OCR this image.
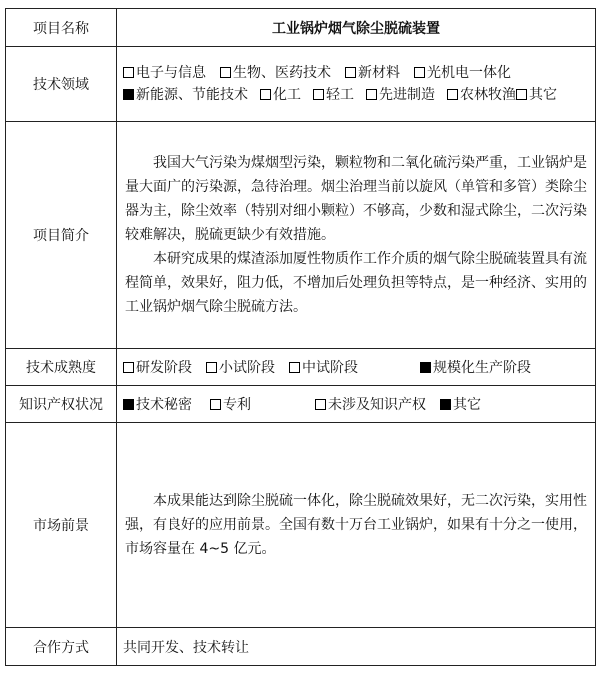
项目名称	工业锅炉烟气除尘脱硫装置
技术领域	电子与信息 生物、医药技术 新材料 光机电一体化新能源、节能技术 化工 轻工 先进制造 农林牧渔 其它

项目简介	我国大气污染为煤烟型污染，颗粒物和二氧化硫污染严重，工业锅炉是量大面广的污染源，急待治理。烟尘治理当前以旋风（单管和多管）类除尘器为主，除尘效率（特别对细小颗粒）不够高，少数和湿式除尘，二次污染较难解决，脱硫更缺少有效措施。

本研究成果的煤渣添加厦性物质作工作介质的烟气除尘脱硫装置具有流程简单，效果好，阻力低，不增加后处理负担等特点，是一种经济、实用的工业锅炉烟气除尘脱硫方法。

技术成熟度	研发阶段 小试阶段 中试阶段 规模化生产阶段

知识产权状况	技术秘密 专利 未涉及知识产权 其它

市场前景	本成果能达到除尘脱硫一体化，除尘脱硫效果好，无二次污染，实用性强，有良好的应用前景。全国有数十万台工业锅炉，如果有十分之一使用，市场容量在 4~5 亿元。

合作方式	共同开发、技术转让
